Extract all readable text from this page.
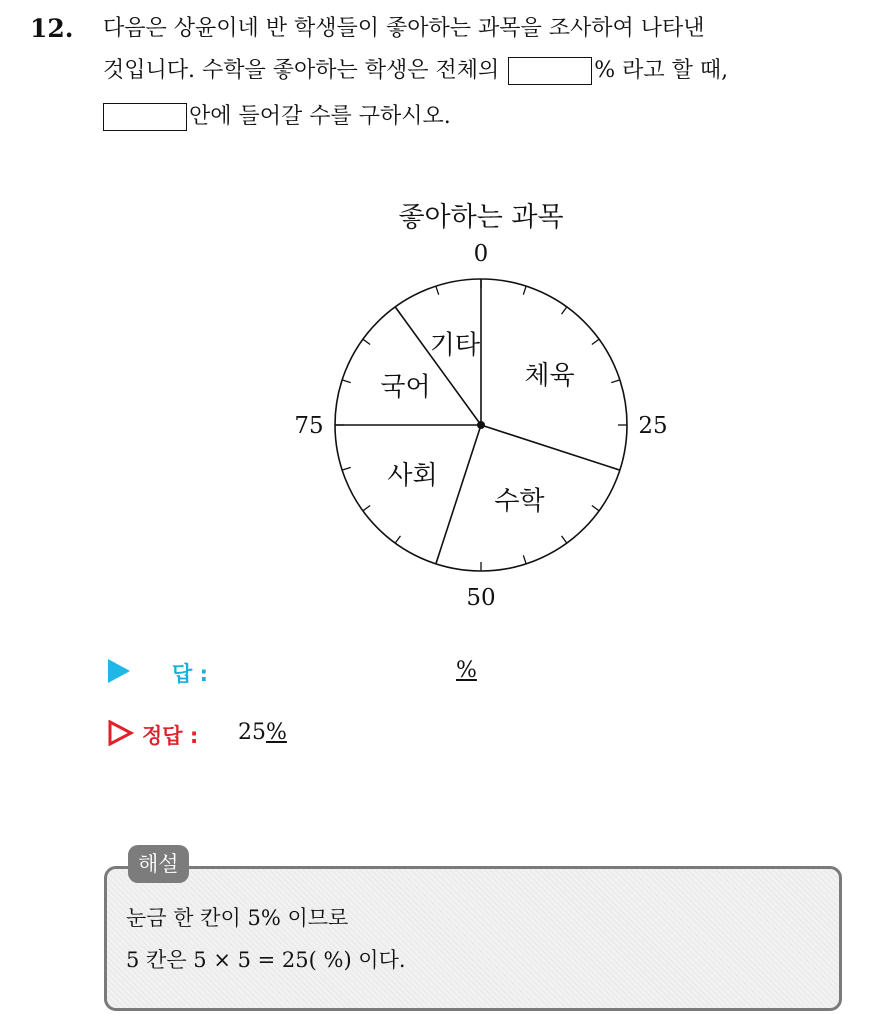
12. 다음은 상윤이네 반 학생들이 좋아하는 과목을 조사하여 나타낸
것입니다. 수학을 좋아하는 학생은 전체의	% 라고 할 때,
안에 들어갈 수를 구하시오.
좋아하는 과목
체육
수학
사회
국어
기타
0
25
50
75
답 :	%
정답 : 25%
해설
눈금 한 칸이 5% 이므로
5 칸은 5 × 5 = 25( %) 이다.
